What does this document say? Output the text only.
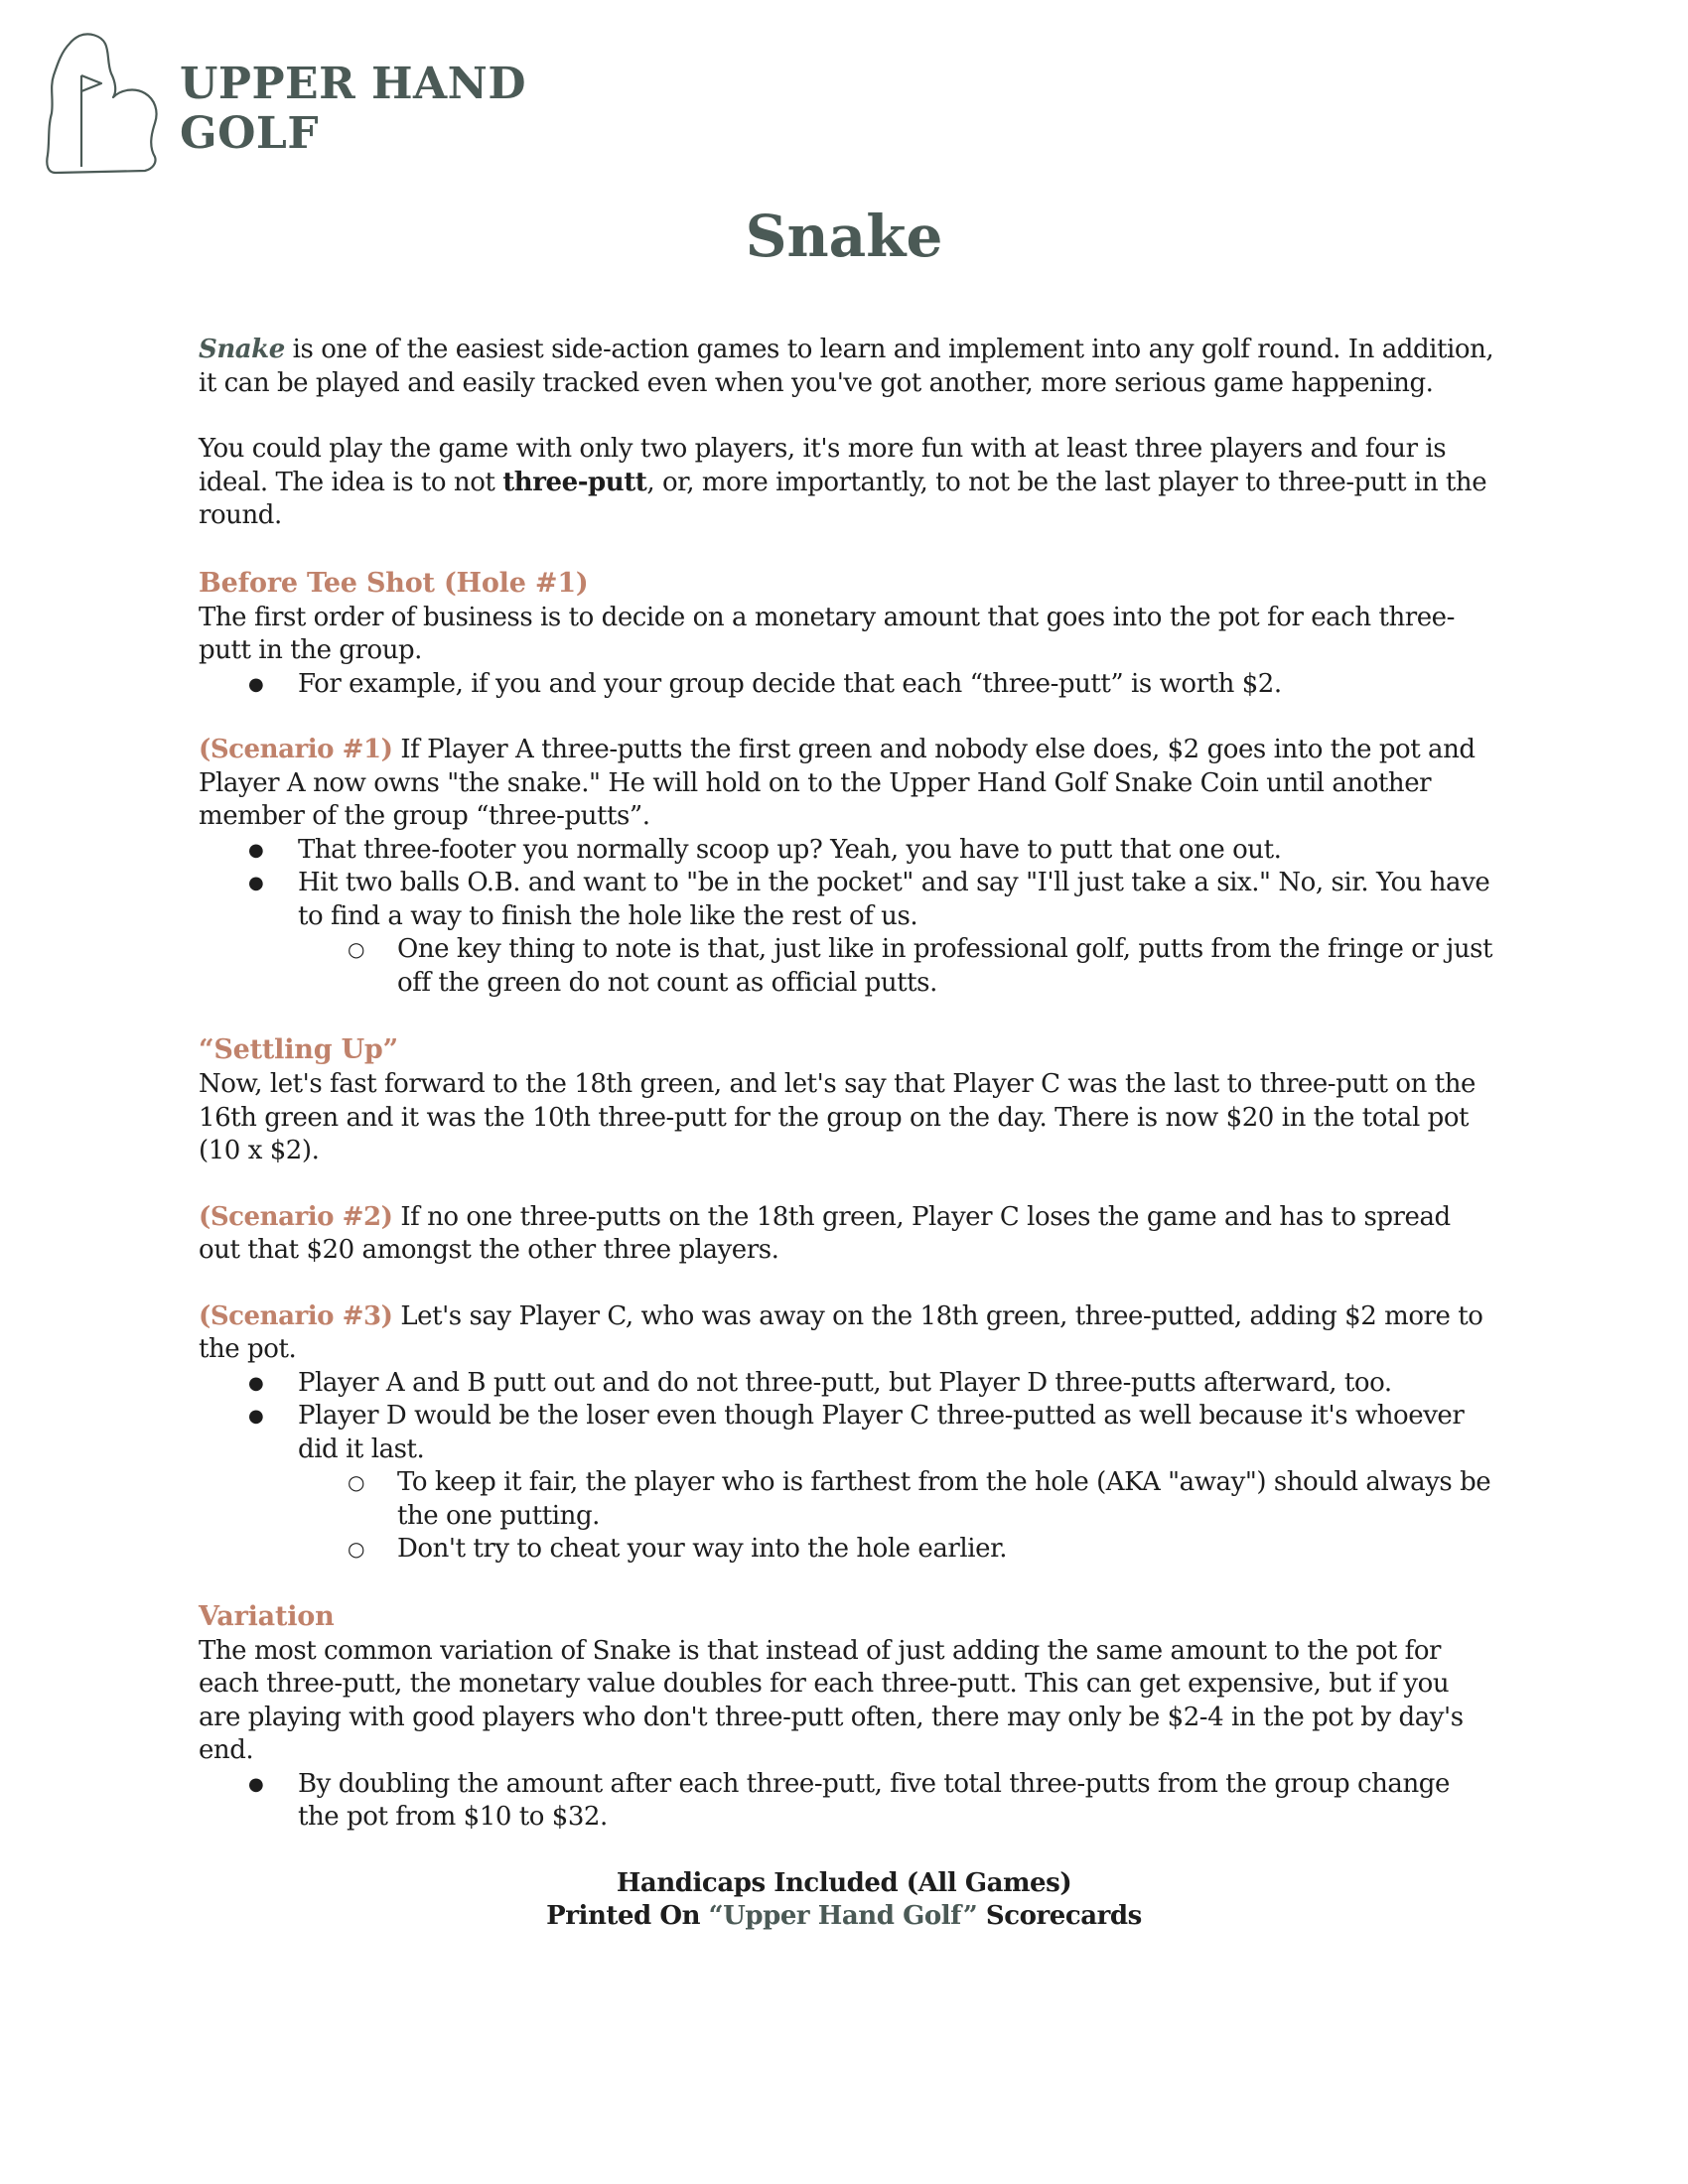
UPPER HAND
GOLF
Snake

Snake is one of the easiest side-action games to learn and implement into any golf round. In addition, it can be played and easily tracked even when you've got another, more serious game happening.

You could play the game with only two players, it's more fun with at least three players and four is ideal. The idea is to not three-putt, or, more importantly, to not be the last player to three-putt in the round.

Before Tee Shot (Hole #1)

The first order of business is to decide on a monetary amount that goes into the pot for each three-putt in the group.

● For example, if you and your group decide that each “three-putt” is worth $2.

(Scenario #1) If Player A three-putts the first green and nobody else does, $2 goes into the pot and Player A now owns "the snake." He will hold on to the Upper Hand Golf Snake Coin until another member of the group “three-putts”.

● That three-footer you normally scoop up? Yeah, you have to putt that one out.
● Hit two balls O.B. and want to "be in the pocket" and say "I'll just take a six." No, sir. You have to find a way to finish the hole like the rest of us.
○ One key thing to note is that, just like in professional golf, putts from the fringe or just off the green do not count as official putts.
“Settling Up”

Now, let's fast forward to the 18th green, and let's say that Player C was the last to three-putt on the 16th green and it was the 10th three-putt for the group on the day. There is now $20 in the total pot (10 x $2).

(Scenario #2) If no one three-putts on the 18th green, Player C loses the game and has to spread out that $20 amongst the other three players.

(Scenario #3) Let's say Player C, who was away on the 18th green, three-putted, adding $2 more to the pot.

● Player A and B putt out and do not three-putt, but Player D three-putts afterward, too.
● Player D would be the loser even though Player C three-putted as well because it's whoever did it last.
○ To keep it fair, the player who is farthest from the hole (AKA "away") should always be the one putting.
○ Don't try to cheat your way into the hole earlier.
Variation

The most common variation of Snake is that instead of just adding the same amount to the pot for each three-putt, the monetary value doubles for each three-putt. This can get expensive, but if you are playing with good players who don't three-putt often, there may only be $2-4 in the pot by day's end.

● By doubling the amount after each three-putt, five total three-putts from the group change the pot from $10 to $32.
Handicaps Included (All Games)
Printed On “Upper Hand Golf” Scorecards
